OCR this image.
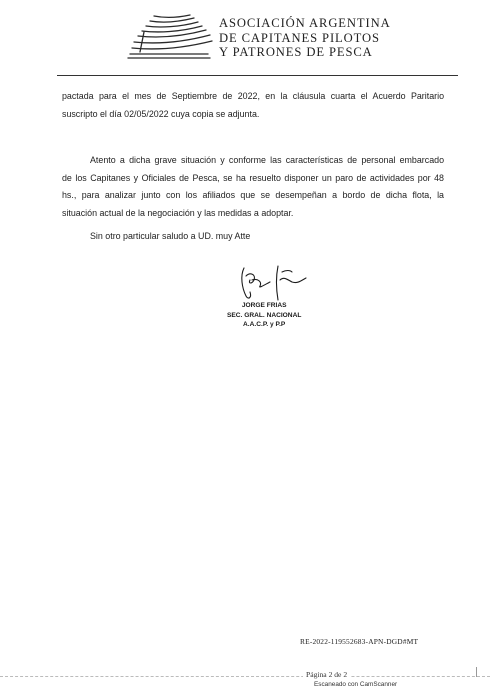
ASOCIACIÓN ARGENTINA
DE CAPITANES PILOTOS
Y PATRONES DE PESCA
pactada para el mes de Septiembre de 2022, en la cláusula cuarta el Acuerdo Paritario
suscripto el día 02/05/2022 cuya copia se adjunta.
Atento a dicha grave situación y conforme las características de personal embarcado
de los Capitanes y Oficiales de Pesca, se ha resuelto disponer un paro de actividades por 48
hs., para analizar junto con los afiliados que se desempeñan a bordo de dicha flota, la
situación actual de la negociación y las medidas a adoptar.
Sin otro particular saludo a UD. muy Atte
JORGE FRIAS
SEC. GRAL. NACIONAL
A.A.C.P. y P.P
RE-2022-119552683-APN-DGD#MT
Página 2 de 2
Escaneado con CamScanner
